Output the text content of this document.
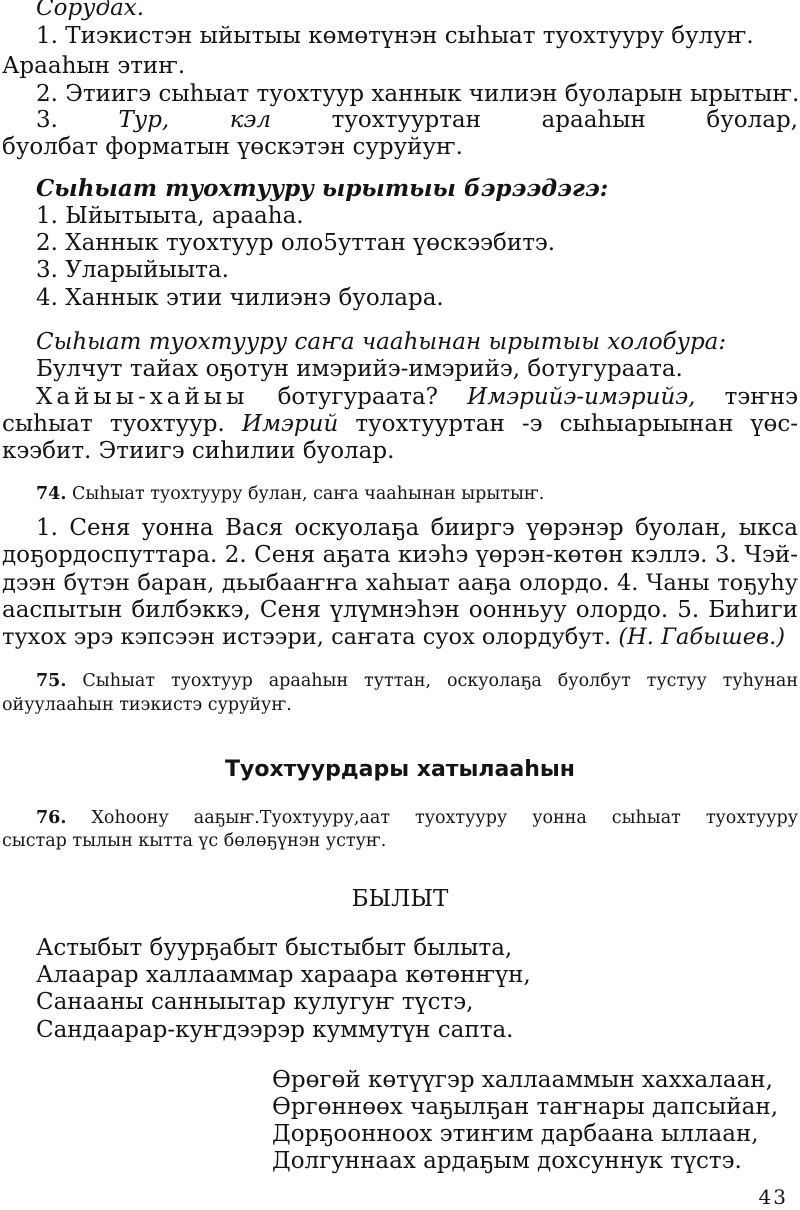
Сорудах.

1. Тиэкистэн ыйытыы көмөтүнэн сыһыат туохтууру булуҥ.

Арааһын этиҥ.

2. Этиигэ сыһыат туохтуур ханнык чилиэн буоларын ырытыҥ.

3.	Тур, кэл	туохтууртан арааһын буолар,

буолбат форматын үөскэтэн суруйуҥ.

Сыһыат туохтууру ырытыы бэрээдэгэ:

1. Ыйытыыта, арааһа.

2. Ханнык туохтуур оло5уттан үөскээбитэ.

3. Уларыйыыта.

4. Ханнык этии чилиэнэ буолара.

Сыһыат туохтууру саҥа чааһынан ырытыы холобура:

Булчут тайах оҕотун имэрийэ-имэрийэ, ботугураата.

Хайыы-хайыы ботугураата? Имэрийэ-имэрийэ, тэҥнэ

сыһыат туохтуур. Имэрий туохтууртан -э сыһыарыынан үөс-

кээбит. Этиигэ сиһилии буолар.

74. Сыһыат туохтууру булан, саҥа чааһынан ырытыҥ.

1. Сеня уонна Вася оскуолаҕа бииргэ үөрэнэр буолан, ыкса

доҕордоспуттара. 2. Сеня аҕата киэһэ үөрэн-көтөн кэллэ. 3. Чэй-

дээн бүтэн баран, дьыбааҥҥа хаһыат ааҕа олордо. 4. Чаны тоҕуһу

ааспытын билбэккэ, Сеня үлүмнэһэн оонньуу олордо. 5. Биһиги

тухох эрэ кэпсээн истээри, саҥата суох олордубут. (Н. Габышев.)

75. Сыһыат туохтуур арааһын туттан, оскуолаҕа буолбут тустуу туһунан

ойуулааһын тиэкистэ суруйуҥ.

Туохтуурдары хатылааһын

76. Хоһоону ааҕыҥ.Туохтууру,аат туохтууру уонна сыһыат туохтууру

сыстар тылын кытта үс бөлөҕүнэн устуҥ.

БЫЛЫТ

Астыбыт буурҕабыт быстыбыт былыта,

Алаарар халлааммар хараара көтөнҥүн,

Санааны санныытар кулугуҥ түстэ,

Сандаарар-куҥдээрэр куммутүн сапта.

Өрөгөй көтүүгэр халлааммын хаххалаан,

Өргөннөөх чаҕылҕан таҥнары дапсыйан,

Дорҕоонноох этиҥим дарбаана ыллаан,

Долгуннаах ардаҕым дохсуннук түстэ.

43
